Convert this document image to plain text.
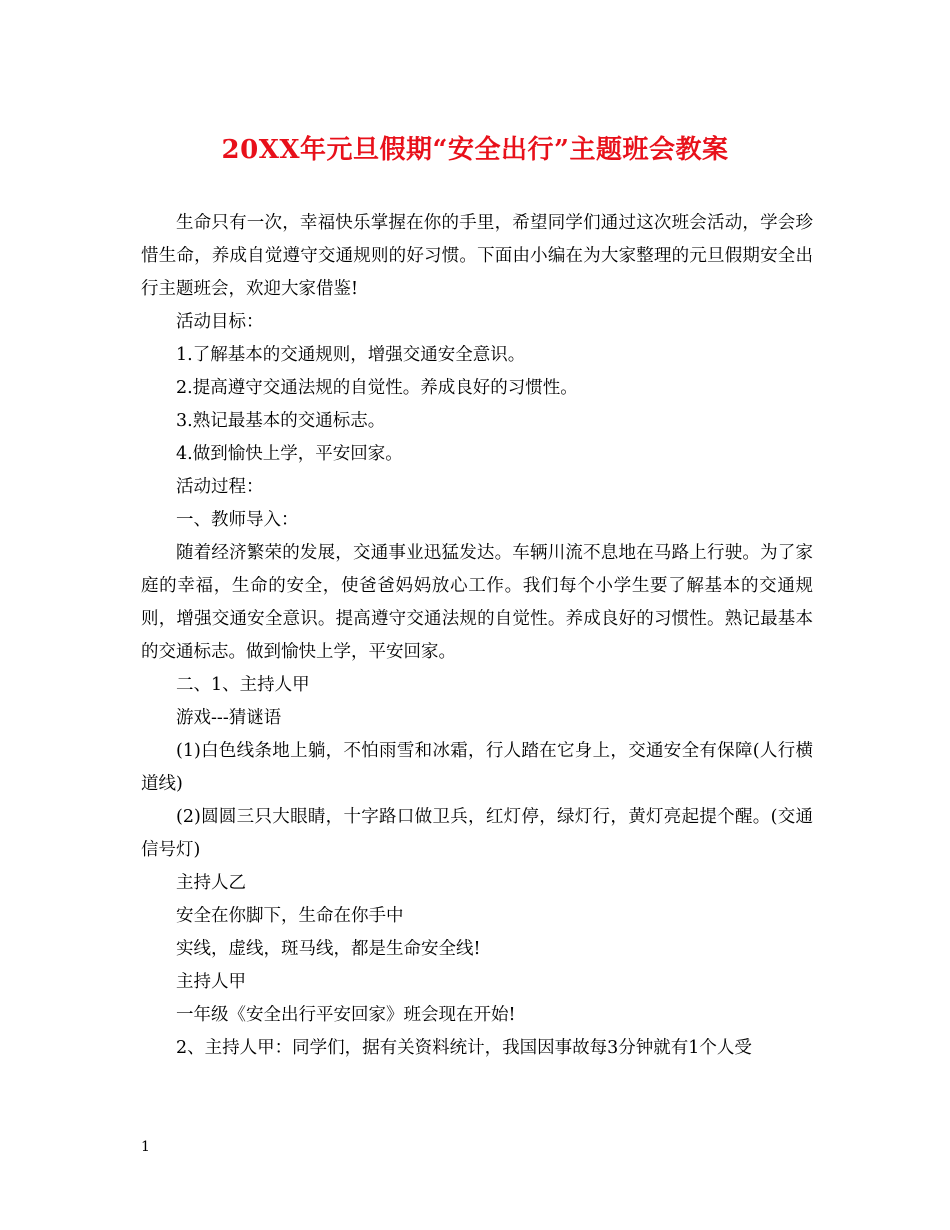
20XX年元旦假期“安全出行”主题班会教案

生命只有一次，幸福快乐掌握在你的手里，希望同学们通过这次班会活动，学会珍惜生命，养成自觉遵守交通规则的好习惯。下面由小编在为大家整理的元旦假期安全出行主题班会，欢迎大家借鉴!

活动目标：

1.了解基本的交通规则，增强交通安全意识。

2.提高遵守交通法规的自觉性。养成良好的习惯性。

3.熟记最基本的交通标志。

4.做到愉快上学，平安回家。

活动过程：

一、教师导入：

随着经济繁荣的发展，交通事业迅猛发达。车辆川流不息地在马路上行驶。为了家庭的幸福，生命的安全，使爸爸妈妈放心工作。我们每个小学生要了解基本的交通规则，增强交通安全意识。提高遵守交通法规的自觉性。养成良好的习惯性。熟记最基本的交通标志。做到愉快上学，平安回家。

二、1、主持人甲

游戏---猜谜语

(1)白色线条地上躺，不怕雨雪和冰霜，行人踏在它身上，交通安全有保障(人行横道线)

(2)圆圆三只大眼睛，十字路口做卫兵，红灯停，绿灯行，黄灯亮起提个醒。(交通信号灯)

主持人乙

安全在你脚下，生命在你手中

实线，虚线，斑马线，都是生命安全线!

主持人甲

一年级《安全出行平安回家》班会现在开始!

2、主持人甲：同学们，据有关资料统计，我国因事故每3分钟就有1个人受

1
